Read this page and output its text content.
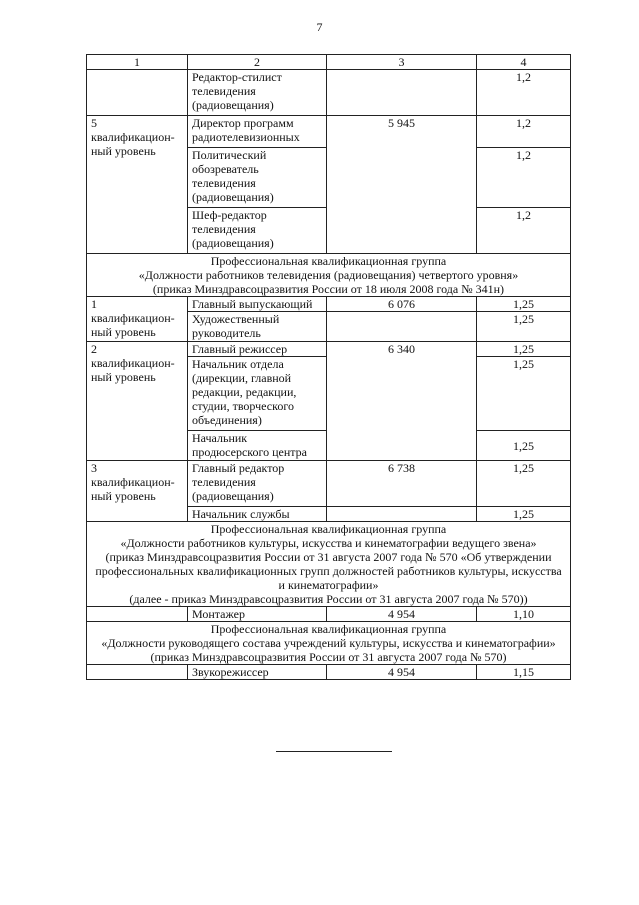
7
1	2	3	4
	Редактор-стилист телевидения (радиовещания)		1,2
5 квалификацион-ный уровень	Директор программ радиотелевизионных	5 945	1,2
	Политический обозреватель телевидения (радиовещания)		1,2
	Шеф-редактор телевидения (радиовещания)		1,2

Профессиональная квалификационная группа
«Должности работников телевидения (радиовещания) четвертого уровня»
(приказ Минздравсоцразвития России от 18 июля 2008 года № 341н)			

1 квалификацион-ный уровень	Главный выпускающий	6 076	1,25
	Художественный руководитель		1,25
2 квалификацион-ный уровень	Главный режиссер	6 340	1,25
	Начальник отдела (дирекции, главной редакции, редакции, студии, творческого объединения)		1,25
	Начальник продюсерского центра		1,25
3 квалификацион-ный уровень	Главный редактор телевидения (радиовещания)	6 738	1,25
	Начальник службы		1,25

Профессиональная квалификационная группа
«Должности работников культуры, искусства и кинематографии ведущего звена»
(приказ Минздравсоцразвития России от 31 августа 2007 года № 570 «Об утверждении профессиональных квалификационных групп должностей работников культуры, искусства и кинематографии»
(далее - приказ Минздравсоцразвития России от 31 августа 2007 года № 570))			

	Монтажер	4 954	1,10

Профессиональная квалификационная группа
«Должности руководящего состава учреждений культуры, искусства и кинематографии»
(приказ Минздравсоцразвития России от 31 августа 2007 года № 570)			

	Звукорежиссер	4 954	1,15
